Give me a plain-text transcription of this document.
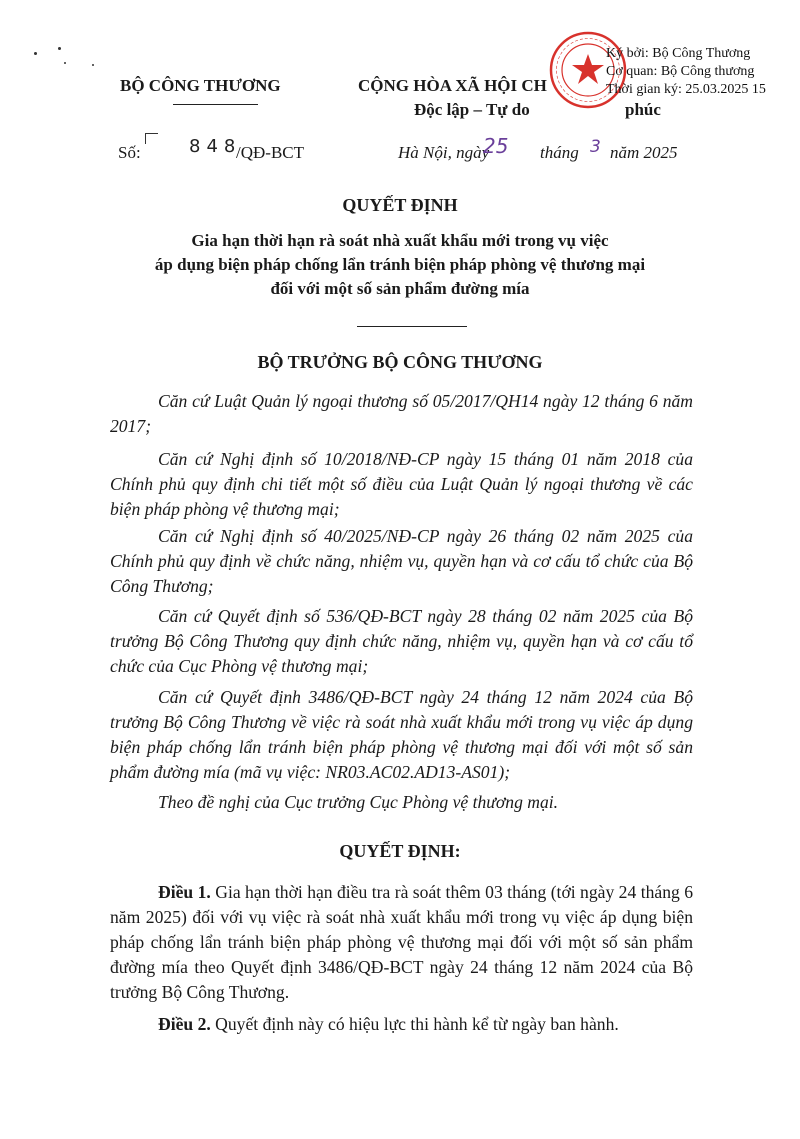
BỘ CÔNG THƯƠNG	CỘNG HÒA XÃ HỘI CH
Độc lập – Tự do	phúc
Số:	848
/QĐ-BCT	Hà Nội, ngày
25 tháng 3 năm 2025
Ký bởi: Bộ Công Thương
Cơ quan: Bộ Công thương
Thời gian ký: 25.03.2025 15
QUYẾT ĐỊNH
Gia hạn thời hạn rà soát nhà xuất khẩu mới trong vụ việc
áp dụng biện pháp chống lẩn tránh biện pháp phòng vệ thương mại
đối với một số sản phẩm đường mía
BỘ TRƯỞNG BỘ CÔNG THƯƠNG

Căn cứ Luật Quản lý ngoại thương số 05/2017/QH14 ngày 12 tháng 6 năm 2017;

Căn cứ Nghị định số 10/2018/NĐ-CP ngày 15 tháng 01 năm 2018 của Chính phủ quy định chi tiết một số điều của Luật Quản lý ngoại thương về các biện pháp phòng vệ thương mại;

Căn cứ Nghị định số 40/2025/NĐ-CP ngày 26 tháng 02 năm 2025 của Chính phủ quy định về chức năng, nhiệm vụ, quyền hạn và cơ cấu tổ chức của Bộ Công Thương;

Căn cứ Quyết định số 536/QĐ-BCT ngày 28 tháng 02 năm 2025 của Bộ trưởng Bộ Công Thương quy định chức năng, nhiệm vụ, quyền hạn và cơ cấu tổ chức của Cục Phòng vệ thương mại;

Căn cứ Quyết định 3486/QĐ-BCT ngày 24 tháng 12 năm 2024 của Bộ trưởng Bộ Công Thương về việc rà soát nhà xuất khẩu mới trong vụ việc áp dụng biện pháp chống lẩn tránh biện pháp phòng vệ thương mại đối với một số sản phẩm đường mía (mã vụ việc: NR03.AC02.AD13-AS01);

Theo đề nghị của Cục trưởng Cục Phòng vệ thương mại.

QUYẾT ĐỊNH:

Điều 1. Gia hạn thời hạn điều tra rà soát thêm 03 tháng (tới ngày 24 tháng 6 năm 2025) đối với vụ việc rà soát nhà xuất khẩu mới trong vụ việc áp dụng biện pháp chống lẩn tránh biện pháp phòng vệ thương mại đối với một số sản phẩm đường mía theo Quyết định 3486/QĐ-BCT ngày 24 tháng 12 năm 2024 của Bộ trưởng Bộ Công Thương.

Điều 2. Quyết định này có hiệu lực thi hành kể từ ngày ban hành.
